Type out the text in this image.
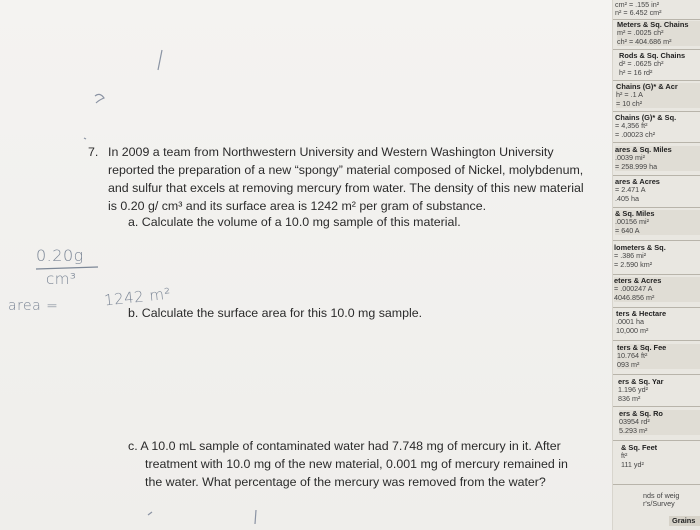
7. In 2009 a team from Northwestern University and Western Washington University
reported the preparation of a new “spongy” material composed of Nickel, molybdenum,
and sulfur that excels at removing mercury from water. The density of this new material
is 0.20 g/ cm³ and its surface area is 1242 m² per gram of substance.
a. Calculate the volume of a 10.0 mg sample of this material.
0.20g
cm³
area =	1242 m²
b. Calculate the surface area for this 10.0 mg sample.
c. A 10.0 mL sample of contaminated water had 7.748 mg of mercury in it. After
treatment with 10.0 mg of the new material, 0.001 mg of mercury remained in
the water. What percentage of the mercury was removed from the water?
cm² = .155 in²
n² = 6.452 cm²
Meters & Sq. Chains
m² = .0025 ch²
ch² = 404.686 m²
Rods & Sq. Chains
d² = .0625 ch²
h² = 16 rd²
Chains (G)* & Acr
h² = .1 A
= 10 ch²
Chains (G)* & Sq.
= 4,356 ft²
= .00023 ch²
ares & Sq. Miles
.0039 mi²
= 258.999 ha
ares & Acres
= 2.471 A
.405 ha
& Sq. Miles
.00156 mi²
= 640 A
lometers & Sq.
= .386 mi²
= 2.590 km²
eters & Acres
= .000247 A
4046.856 m²
ters & Hectare
.0001 ha
10,000 m²
ters & Sq. Fee
10.764 ft²
093 m²
ers & Sq. Yar
1.196 yd²
836 m²
ers & Sq. Ro
03954 rd²
5.293 m²
& Sq. Feet
ft²
111 yd²
nds of weig
r's/Survey
Grains
